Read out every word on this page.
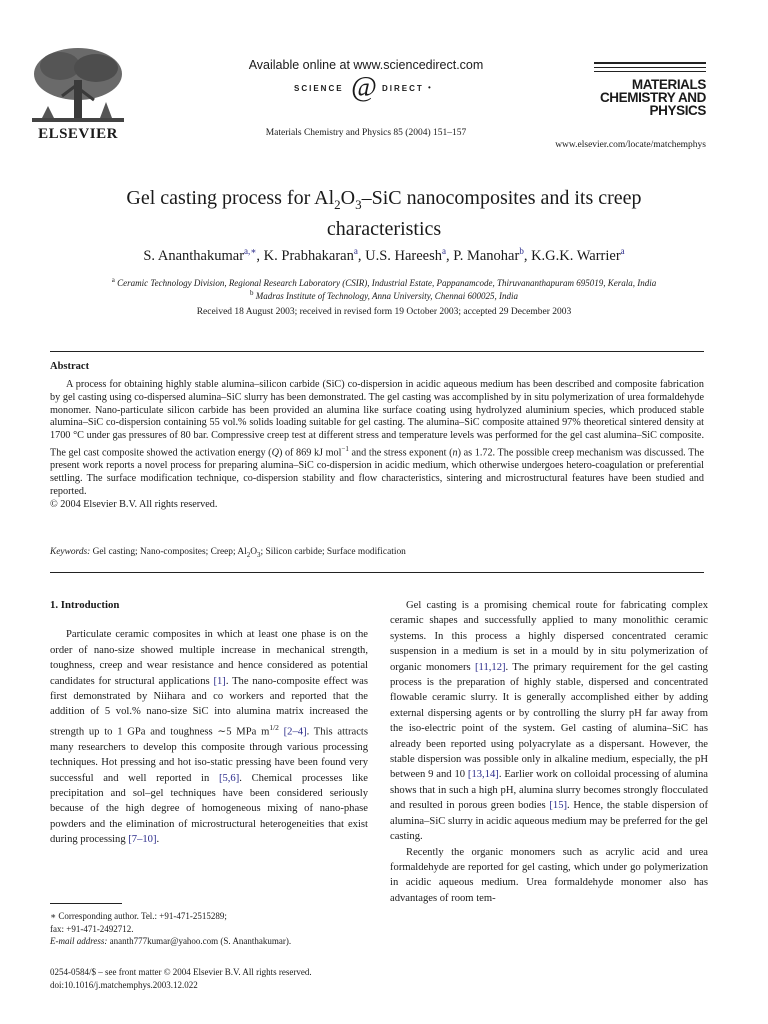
ELSEVIER
Available online at www.sciencedirect.com
SCIENCE @ DIRECT •
Materials Chemistry and Physics 85 (2004) 151–157
MATERIALS
CHEMISTRY AND
PHYSICS
www.elsevier.com/locate/matchemphys
Gel casting process for $Al_2O_3$–SiC nanocomposites and its creep
characteristics
S. Ananthakumar$^{a,∗}$, K. Prabhakaran$^a$, U.S. Hareesh$^a$, P. Manohar$^b$, K.G.K. Warrier$^a$
$^a$ Ceramic Technology Division, Regional Research Laboratory (CSIR), Industrial Estate, Pappanamcode, Thiruvananthapuram 695019, Kerala, India
$^b$ Madras Institute of Technology, Anna University, Chennai 600025, India
Received 18 August 2003; received in revised form 19 October 2003; accepted 29 December 2003
Abstract
A process for obtaining highly stable alumina–silicon carbide (SiC) co-dispersion in acidic aqueous medium has been described and composite fabrication by gel casting using co-dispersed alumina–SiC slurry has been demonstrated. The gel casting was accomplished by in situ polymerization of urea formaldehyde monomer. Nano-particulate silicon carbide has been provided an alumina like surface coating using hydrolyzed aluminium species, which produced stable alumina–SiC co-dispersion containing 55 vol.% solids loading suitable for gel casting. The alumina–SiC composite attained 97% theoretical sintered density at 1700 °C under gas pressures of 80 bar. Compressive creep test at different stress and temperature levels was performed for the gel cast alumina–SiC composite. The gel cast composite showed the activation energy (Q) of 869 kJ mol$^{-1}$ and the stress exponent (n) as 1.72. The possible creep mechanism was discussed. The present work reports a novel process for preparing alumina–SiC co-dispersion in acidic medium, which otherwise undergoes hetero-coagulation or preferential settling. The surface modification technique, co-dispersion stability and flow characteristics, sintering and microstructural features have been studied and reported.
© 2004 Elsevier B.V. All rights reserved.
Keywords: Gel casting; Nano-composites; Creep; $Al_2O_3$; Silicon carbide; Surface modification
1. Introduction

Particulate ceramic composites in which at least one phase is on the order of nano-size showed multiple increase in mechanical strength, toughness, creep and wear resistance and hence considered as potential candidates for structural applications [1]. The nano-composite effect was first demonstrated by Niihara and co workers and reported that the addition of 5 vol.% nano-size SiC into alumina matrix increased the strength up to 1 GPa and toughness ∼5 MPa $m^{1/2}$ [2–4]. This attracts many researchers to develop this composite through various processing techniques. Hot pressing and hot iso-static pressing have been found very successful and well reported in [5,6]. Chemical processes like precipitation and sol–gel techniques have been considered seriously because of the high degree of homogeneous mixing of nano-phase powders and the elimination of microstructural heterogeneities that exist during processing [7–10].

Gel casting is a promising chemical route for fabricating complex ceramic shapes and successfully applied to many monolithic ceramic systems. In this process a highly dispersed concentrated ceramic suspension in a medium is set in a mould by in situ polymerization of organic monomers [11,12]. The primary requirement for the gel casting process is the preparation of highly stable, dispersed and concentrated flowable ceramic slurry. It is generally accomplished either by adding external dispersing agents or by controlling the slurry pH far away from the iso-electric point of the system. Gel casting of alumina–SiC has already been reported using polyacrylate as a dispersant. However, the stable dispersion was possible only in alkaline medium, especially, the pH between 9 and 10 [13,14]. Earlier work on colloidal processing of alumina shows that in such a high pH, alumina slurry becomes strongly flocculated and resulted in porous green bodies [15]. Hence, the stable dispersion of alumina–SiC slurry in acidic aqueous medium may be preferred for the gel casting.

Recently the organic monomers such as acrylic acid and urea formaldehyde are reported for gel casting, which under go polymerization in acidic aqueous medium. Urea formaldehyde monomer also has advantages of room tem-

∗ Corresponding author. Tel.: +91-471-2515289;
fax: +91-471-2492712.
E-mail address: ananth777kumar@yahoo.com (S. Ananthakumar).
0254-0584/$ – see front matter © 2004 Elsevier B.V. All rights reserved.
doi:10.1016/j.matchemphys.2003.12.022
